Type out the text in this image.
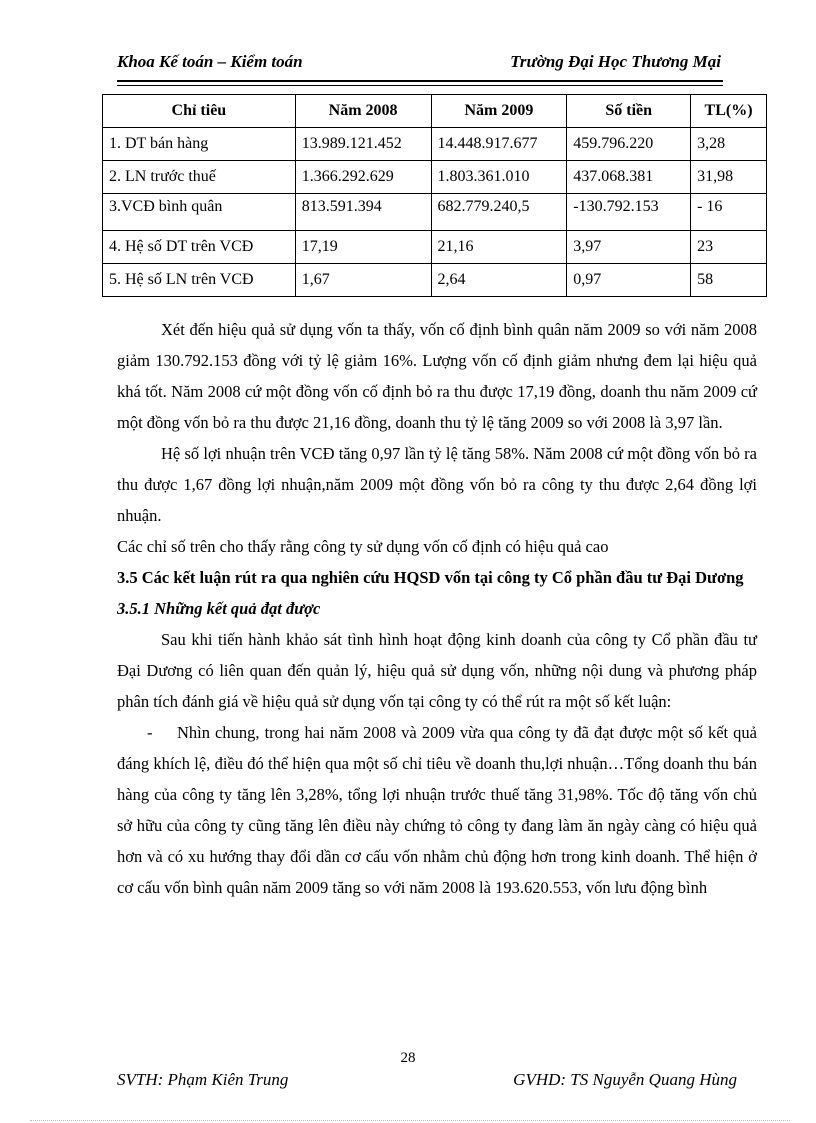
Khoa Kế toán – Kiểm toán	Trường Đại Học Thương Mại
Chỉ tiêu	Năm 2008	Năm 2009	Số tiền	TL(%)
1. DT bán hàng	13.989.121.452	14.448.917.677	459.796.220	3,28
2. LN trước thuế	1.366.292.629	1.803.361.010	437.068.381	31,98
3.VCĐ bình quân	813.591.394	682.779.240,5	-130.792.153	- 16
4. Hệ số DT trên VCĐ	17,19	21,16	3,97	23
5. Hệ số LN trên VCĐ	1,67	2,64	0,97	58

Xét đến hiệu quả sử dụng vốn ta thấy, vốn cố định bình quân năm 2009 so với năm 2008 giảm 130.792.153 đồng với tỷ lệ giảm 16%. Lượng vốn cố định giảm nhưng đem lại hiệu quả khá tốt. Năm 2008 cứ một đồng vốn cố định bỏ ra thu được 17,19 đồng, doanh thu năm 2009 cứ một đồng vốn bỏ ra thu được 21,16 đồng, doanh thu tỷ lệ tăng 2009 so với 2008 là 3,97 lần.

Hệ số lợi nhuận trên VCĐ tăng 0,97 lần tỷ lệ tăng 58%. Năm 2008 cứ một đồng vốn bỏ ra thu được 1,67 đồng lợi nhuận,năm 2009 một đồng vốn bỏ ra công ty thu được 2,64 đồng lợi nhuận.

Các chỉ số trên cho thấy rằng công ty sử dụng vốn cố định có hiệu quả cao

3.5 Các kết luận rút ra qua nghiên cứu HQSD vốn tại công ty Cổ phần đầu tư Đại Dương

3.5.1 Những kết quả đạt được

Sau khi tiến hành khảo sát tình hình hoạt động kinh doanh của công ty Cổ phần đầu tư Đại Dương có liên quan đến quản lý, hiệu quả sử dụng vốn, những nội dung và phương pháp phân tích đánh giá về hiệu quả sử dụng vốn tại công ty có thể rút ra một số kết luận:

- Nhìn chung, trong hai năm 2008 và 2009 vừa qua công ty đã đạt được một số kết quả đáng khích lệ, điều đó thể hiện qua một số chỉ tiêu về doanh thu,lợi nhuận…Tổng doanh thu bán hàng của công ty tăng lên 3,28%, tổng lợi nhuận trước thuế tăng 31,98%. Tốc độ tăng vốn chủ sở hữu của công ty cũng tăng lên điều này chứng tỏ công ty đang làm ăn ngày càng có hiệu quả hơn và có xu hướng thay đổi dần cơ cấu vốn nhằm chủ động hơn trong kinh doanh. Thể hiện ở cơ cấu vốn bình quân năm 2009 tăng so với năm 2008 là 193.620.553, vốn lưu động bình

28
SVTH: Phạm Kiên Trung	GVHD: TS Nguyễn Quang Hùng
